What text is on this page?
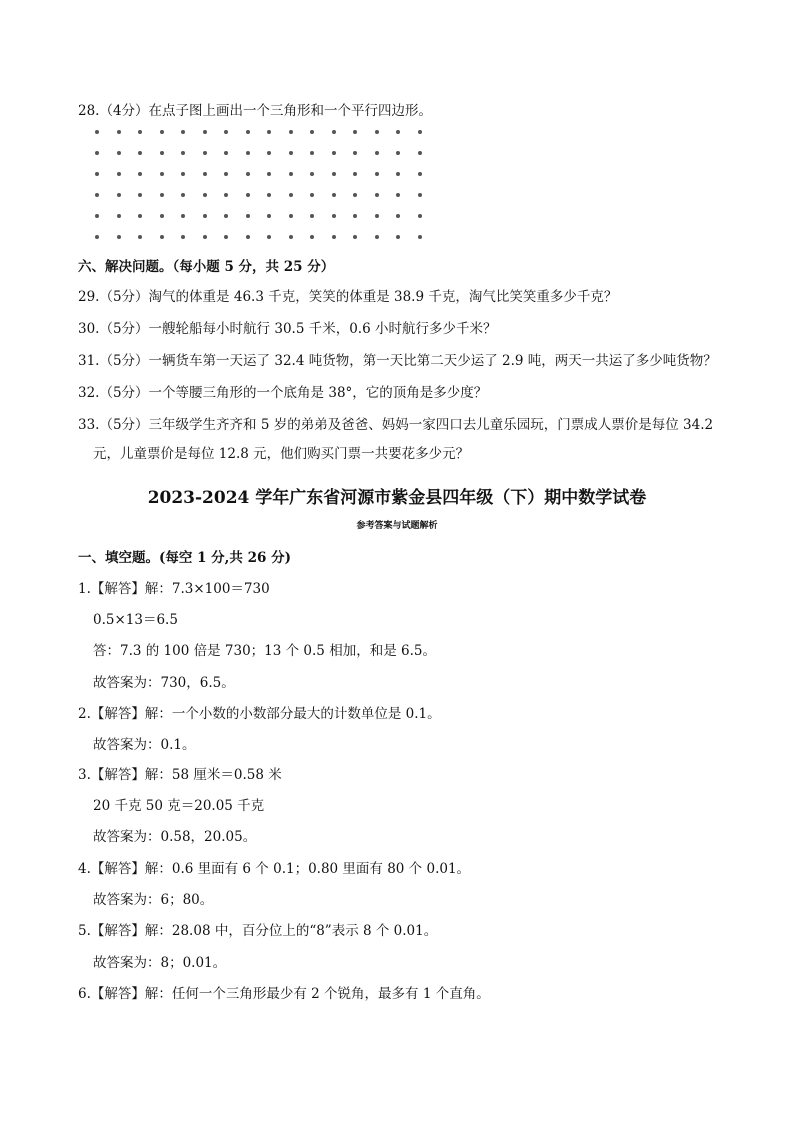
28.（4分）在点子图上画出一个三角形和一个平行四边形。
六、解决问题。（每小题 5 分，共 25 分）
29.（5分）淘气的体重是 46.3 千克，笑笑的体重是 38.9 千克，淘气比笑笑重多少千克？
30.（5分）一艘轮船每小时航行 30.5 千米，0.6 小时航行多少千米？
31.（5分）一辆货车第一天运了 32.4 吨货物，第一天比第二天少运了 2.9 吨，两天一共运了多少吨货物？
32.（5分）一个等腰三角形的一个底角是 38°，它的顶角是多少度？
33.（5分）三年级学生齐齐和 5 岁的弟弟及爸爸、妈妈一家四口去儿童乐园玩，门票成人票价是每位 34.2
元，儿童票价是每位 12.8 元，他们购买门票一共要花多少元？
2023-2024 学年广东省河源市紫金县四年级（下）期中数学试卷
参考答案与试题解析
一、填空题。(每空 1 分,共 26 分)
1.【解答】解：7.3×100＝730
0.5×13＝6.5
答：7.3 的 100 倍是 730；13 个 0.5 相加，和是 6.5。
故答案为：730，6.5。
2.【解答】解：一个小数的小数部分最大的计数单位是 0.1。
故答案为：0.1。
3.【解答】解：58 厘米＝0.58 米
20 千克 50 克＝20.05 千克
故答案为：0.58，20.05。
4.【解答】解：0.6 里面有 6 个 0.1；0.80 里面有 80 个 0.01。
故答案为：6；80。
5.【解答】解：28.08 中，百分位上的“8”表示 8 个 0.01。
故答案为：8；0.01。
6.【解答】解：任何一个三角形最少有 2 个锐角，最多有 1 个直角。
